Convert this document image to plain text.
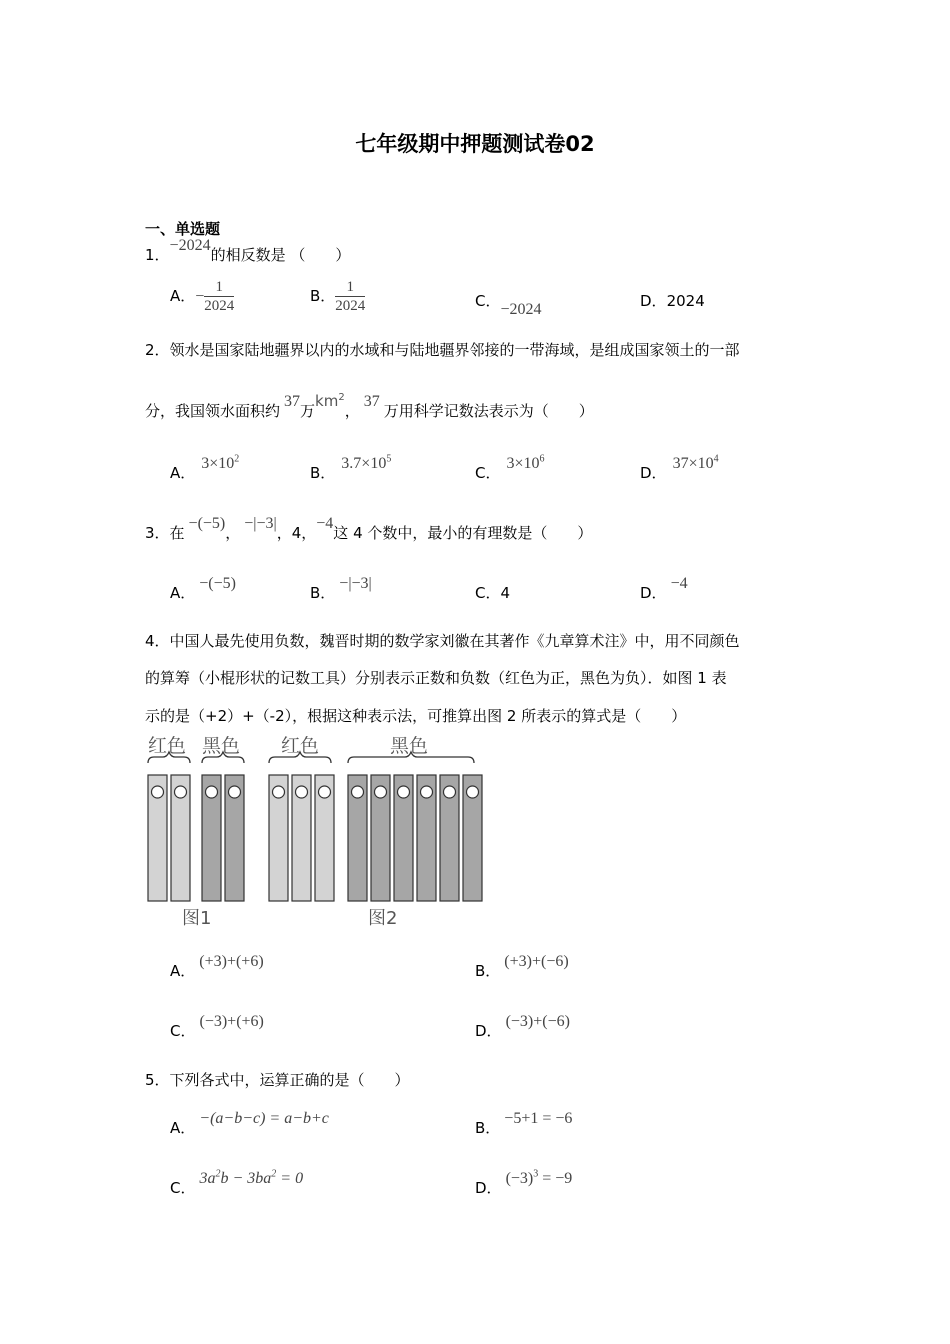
七年级期中押题测试卷02
一、单选题
1．−2024的相反数是 （　　）
A．− $\frac{1}{2024}$	B． $\frac{1}{2024}$	C．−2024	D．2024
2．领水是国家陆地疆界以内的水域和与陆地疆界邻接的一带海域，是组成国家领土的一部
分，我国领水面积约37万$km^2$，37万用科学记数法表示为（　　）
A．$3\times 10^2$
B．$3.7\times 10^5$
C．$3\times 10^6$
D．$37\times 10^4$
3．在−(−5)，−|−3|，4，−4这 4 个数中，最小的有理数是（　　）
A．−(−5)
B．−|−3|
C．4	D．−4
4．中国人最先使用负数，魏晋时期的数学家刘徽在其著作《九章算术注》中，用不同颜色
的算筹（小棍形状的记数工具）分别表示正数和负数（红色为正，黑色为负）．如图 1 表
示的是（+2）+（-2），根据这种表示法，可推算出图 2 所表示的算式是（　　）
红色 黑色 红色	黑色
图1	图2
A．(+3)+(+6)
B．(+3)+(−6)
C．(−3)+(+6)
D．(−3)+(−6)
5．下列各式中，运算正确的是（　　）
A．−(a−b−c) = a−b+c
B．−5+1 = −6
C．$3a^2b - 3ba^2 = 0$
D．$(-3)^3 = -9$
